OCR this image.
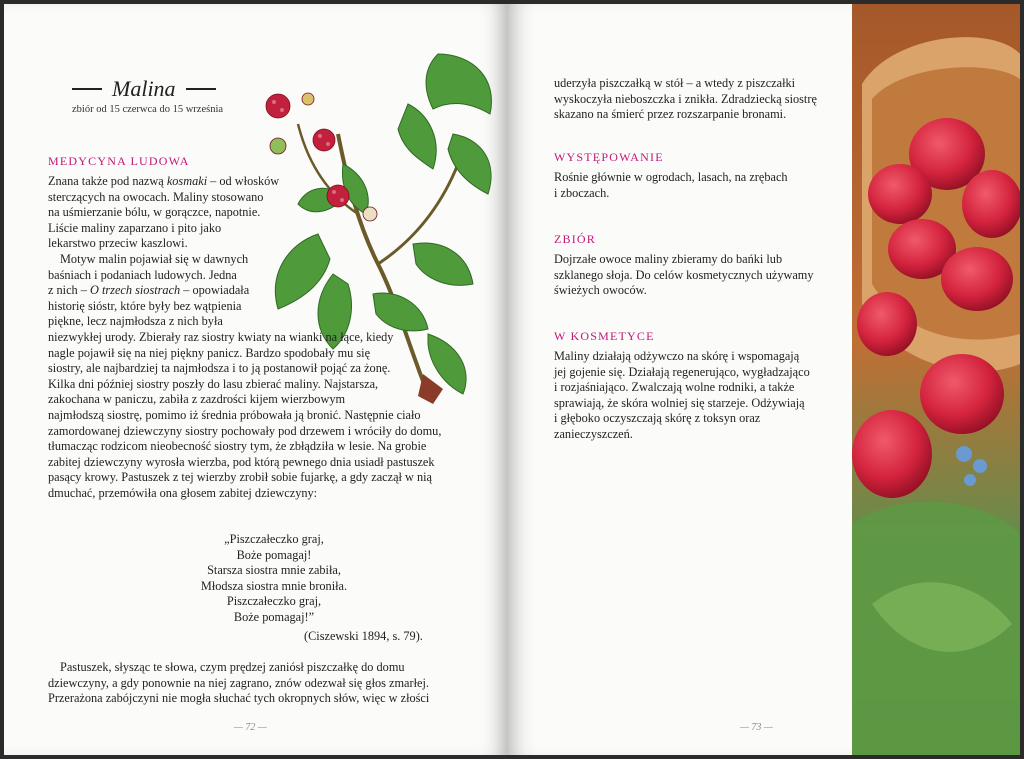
Malina
zbiór od 15 czerwca do 15 września
MEDYCYNA LUDOWA
Znana także pod nazwą kosmaki – od włosków
sterczących na owocach. Maliny stosowano
na uśmierzanie bólu, w gorączce, napotnie.
Liście maliny zaparzano i pito jako
lekarstwo przeciw kaszlowi.
Motyw malin pojawiał się w dawnych
baśniach i podaniach ludowych. Jedna
z nich – O trzech siostrach – opowiadała
historię sióstr, które były bez wątpienia
piękne, lecz najmłodsza z nich była
niezwykłej urody. Zbierały raz siostry kwiaty na wianki na łące, kiedy
nagle pojawił się na niej piękny panicz. Bardzo spodobały mu się
siostry, ale najbardziej ta najmłodsza i to ją postanowił pojąć za żonę.
Kilka dni później siostry poszły do lasu zbierać maliny. Najstarsza,
zakochana w paniczu, zabiła z zazdrości kijem wierzbowym
najmłodszą siostrę, pomimo iż średnia próbowała ją bronić. Następnie ciało
zamordowanej dziewczyny siostry pochowały pod drzewem i wróciły do domu,
tłumacząc rodzicom nieobecność siostry tym, że zbłądziła w lesie. Na grobie
zabitej dziewczyny wyrosła wierzba, pod którą pewnego dnia usiadł pastuszek
pasący krowy. Pastuszek z tej wierzby zrobił sobie fujarkę, a gdy zaczął w nią
dmuchać, przemówiła ona głosem zabitej dziewczyny:
„Piszczałeczko graj,
Boże pomagaj!
Starsza siostra mnie zabiła,
Młodsza siostra mnie broniła.
Piszczałeczko graj,
Boże pomagaj!”
(Ciszewski 1894, s. 79).
Pastuszek, słysząc te słowa, czym prędzej zaniósł piszczałkę do domu
dziewczyny, a gdy ponownie na niej zagrano, znów odezwał się głos zmarłej.
Przerażona zabójczyni nie mogła słuchać tych okropnych słów, więc w złości
— 72 —
uderzyła piszczałką w stół – a wtedy z piszczałki
wyskoczyła nieboszczka i znikła. Zdradziecką siostrę
skazano na śmierć przez rozszarpanie bronami.
WYSTĘPOWANIE
Rośnie głównie w ogrodach, lasach, na zrębach
i zboczach.
ZBIÓR
Dojrzałe owoce maliny zbieramy do bańki lub
szklanego słoja. Do celów kosmetycznych używamy
świeżych owoców.
W KOSMETYCE
Maliny działają odżywczo na skórę i wspomagają
jej gojenie się. Działają regenerująco, wygładzająco
i rozjaśniająco. Zwalczają wolne rodniki, a także
sprawiają, że skóra wolniej się starzeje. Odżywiają
i głęboko oczyszczają skórę z toksyn oraz
zanieczyszczeń.
— 73 —
